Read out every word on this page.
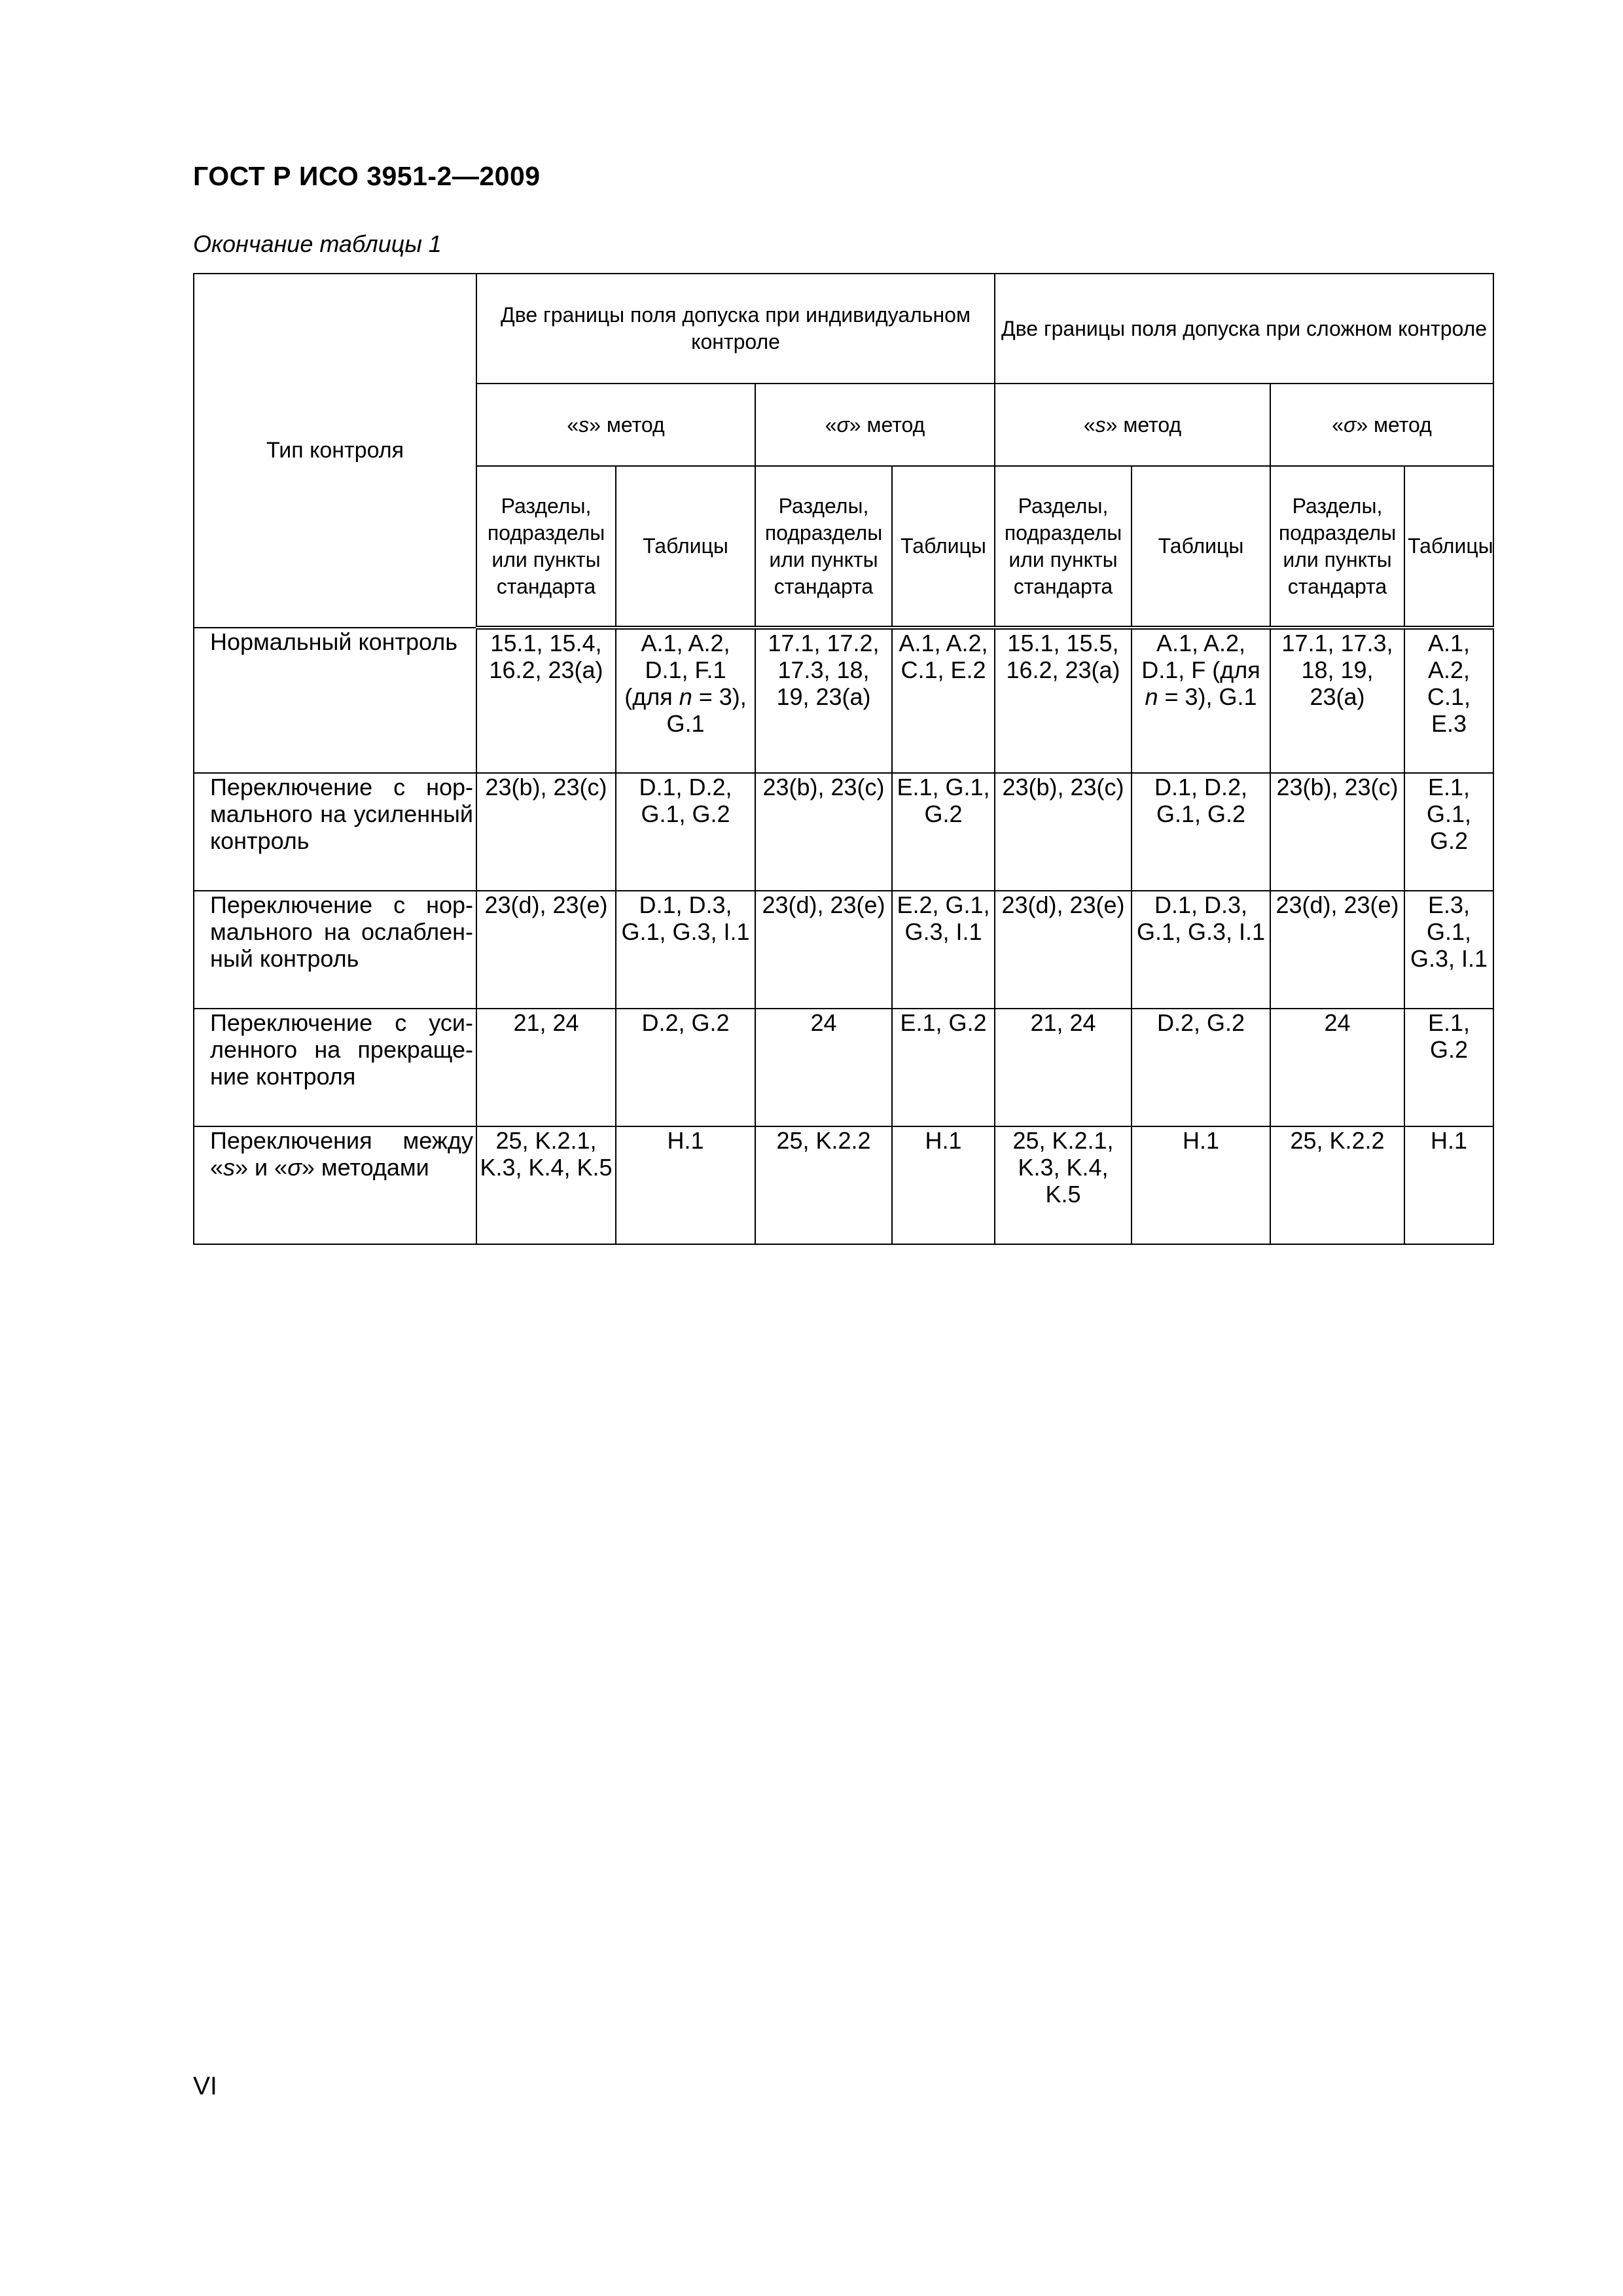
ГОСТ Р ИСО 3951-2—2009

Окончание таблицы 1

Тип контроля	Две границы поля допуска при индивидуальном контроле				Две границы поля допуска при сложном контроле			
	«s» метод		«σ» метод		«s» метод		«σ» метод	
	Разделы, подразделы или пункты стандарта	Таблицы	Разделы, подразделы или пункты стандарта	Таблицы	Разделы, подразделы или пункты стандарта	Таблицы	Разделы, подразделы или пункты стандарта	Таблицы
Нормальный контроль	15.1, 15.4, 16.2, 23(a)	A.1, A.2, D.1, F.1 (для n = 3), G.1	17.1, 17.2, 17.3, 18, 19, 23(a)	A.1, A.2, C.1, E.2	15.1, 15.5, 16.2, 23(a)	A.1, A.2, D.1, F (для n = 3), G.1	17.1, 17.3, 18, 19, 23(a)	A.1, A.2, C.1, E.3
Переключение с нормального на усиленный контроль	23(b), 23(c)	D.1, D.2, G.1, G.2	23(b), 23(c)	E.1, G.1, G.2	23(b), 23(c)	D.1, D.2, G.1, G.2	23(b), 23(c)	E.1, G.1, G.2
Переключение с нормального на ослабленный контроль	23(d), 23(e)	D.1, D.3, G.1, G.3, I.1	23(d), 23(e)	E.2, G.1, G.3, I.1	23(d), 23(e)	D.1, D.3, G.1, G.3, I.1	23(d), 23(e)	E.3, G.1, G.3, I.1
Переключение с усиленного на прекращение контроля	21, 24	D.2, G.2	24	E.1, G.2	21, 24	D.2, G.2	24	E.1, G.2
Переключения между «s» и «σ» методами	25, K.2.1, K.3, K.4, K.5	H.1	25, K.2.2	H.1	25, K.2.1, K.3, K.4, K.5	H.1	25, K.2.2	H.1

VI
